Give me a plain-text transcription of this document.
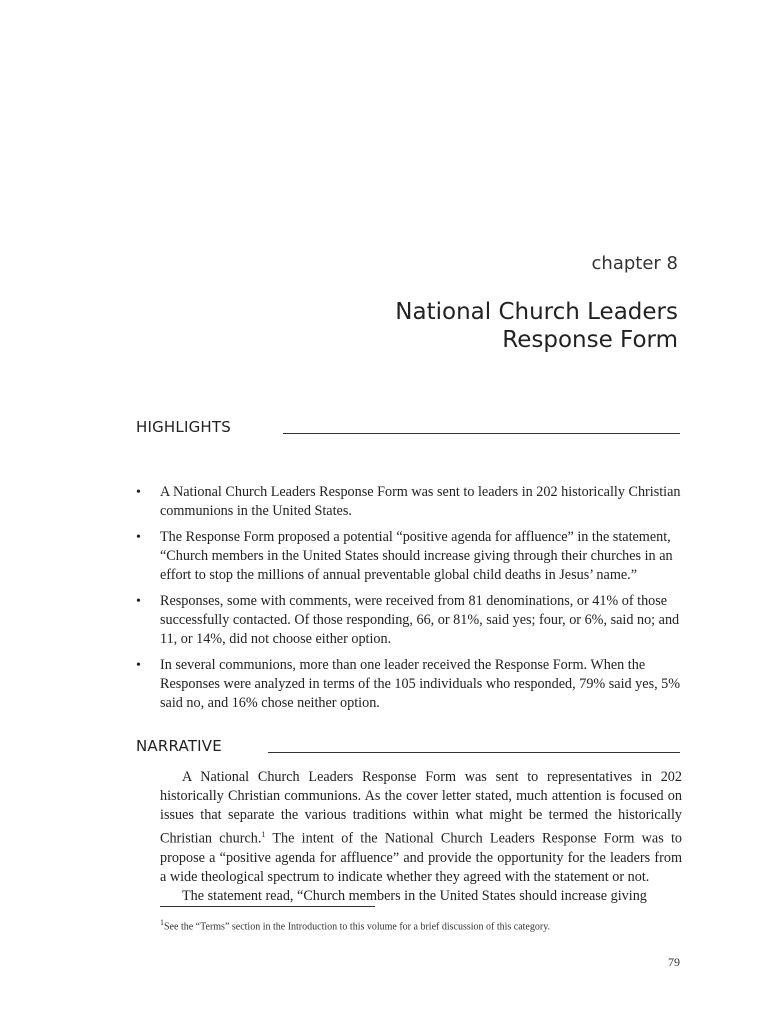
chapter 8
National Church Leaders
Response Form
HIGHLIGHTS
• A National Church Leaders Response Form was sent to leaders in 202 historically Christian communions in the United States.
• The Response Form proposed a potential “positive agenda for affluence” in the statement, “Church members in the United States should increase giving through their churches in an effort to stop the millions of annual preventable global child deaths in Jesus’ name.”
• Responses, some with comments, were received from 81 denominations, or 41% of those successfully contacted. Of those responding, 66, or 81%, said yes; four, or 6%, said no; and 11, or 14%, did not choose either option.
• In several communions, more than one leader received the Response Form. When the Responses were analyzed in terms of the 105 individuals who responded, 79% said yes, 5% said no, and 16% chose neither option.
NARRATIVE

A National Church Leaders Response Form was sent to representatives in 202 historically Christian communions. As the cover letter stated, much attention is focused on issues that separate the various traditions within what might be termed the historically Christian church.$^1$ The intent of the National Church Leaders Response Form was to propose a “positive agenda for affluence” and provide the opportunity for the leaders from a wide theological spectrum to indicate whether they agreed with the statement or not.

The statement read, “Church members in the United States should increase giving

$^1$See the “Terms” section in the Introduction to this volume for a brief discussion of this category.
79
